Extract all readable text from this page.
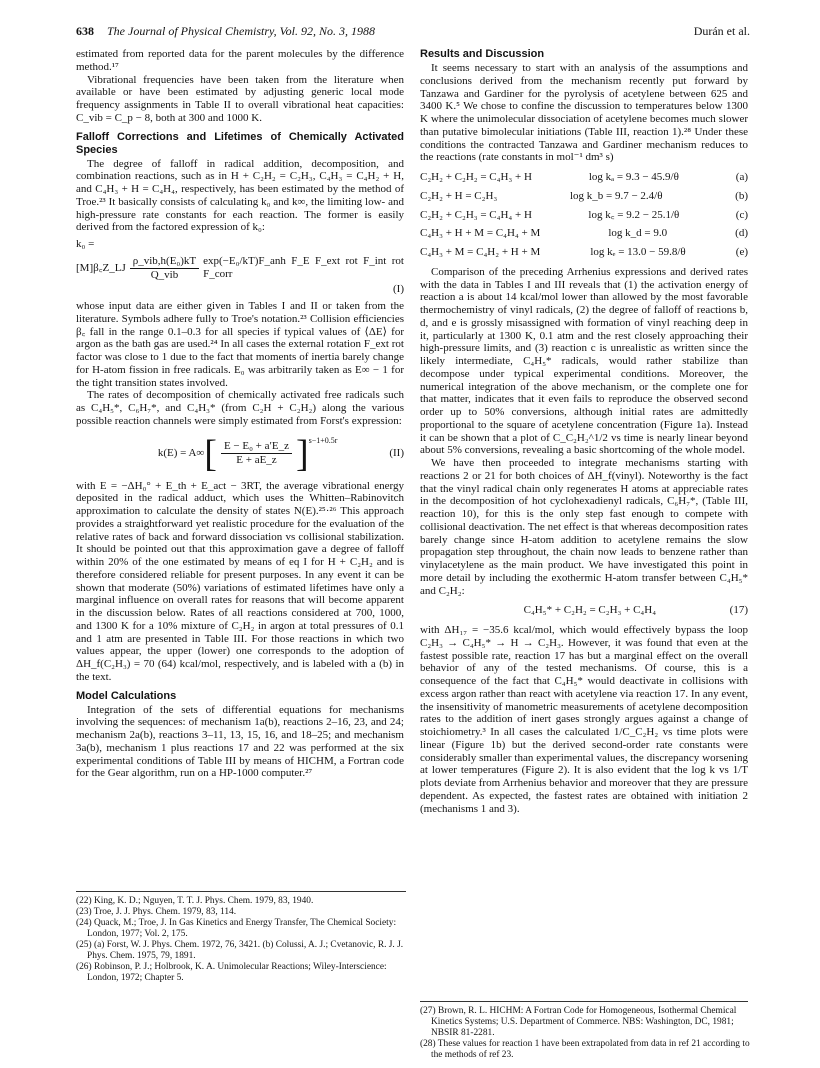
638 The Journal of Physical Chemistry, Vol. 92, No. 3, 1988	Durán et al.

estimated from reported data for the parent molecules by the difference method.¹⁷

Vibrational frequencies have been taken from the literature when available or have been estimated by adjusting generic local mode frequency assignments in Table II to overall vibrational heat capacities: C_vib = C_p − 8, both at 300 and 1000 K.

Falloff Corrections and Lifetimes of Chemically Activated Species

The degree of falloff in radical addition, decomposition, and combination reactions, such as in H + C₂H₂ = C₂H₃, C₄H₃ = C₄H₂ + H, and C₄H₃ + H = C₄H₄, respectively, has been estimated by the method of Troe.²³ It basically consists of calculating k₀ and k∞, the limiting low- and high-pressure rate constants for each reaction. The former is easily derived from the factored expression of k₀:

k₀ =
[M]β꜀Z_LJ $\frac{\text{ρ\_vib,h(E₀)kT}}{\text{Q\_vib}}$ exp(−E₀/kT)F_anh F_E F_ext rot F_int rot F_corr
(I)

whose input data are either given in Tables I and II or taken from the literature. Symbols adhere fully to Troe's notation.²³ Collision efficiencies β꜀ fall in the range 0.1–0.3 for all species if typical values of ⟨ΔE⟩ for argon as the bath gas are used.²⁴ In all cases the external rotation F_ext rot factor was close to 1 due to the fact that moments of inertia barely change for H-atom fission in free radicals. E₀ was arbitrarily taken as E∞ − 1 for the tight transition states involved.

The rates of decomposition of chemically activated free radicals such as C₄H₅*, C₆H₇*, and C₄H₃* (from C₂H + C₂H₂) along the various possible reaction channels were simply estimated from Forst's expression:

k(E) = A∞ [ $\frac{\text{E − E₀ + a′E\_z}}{E + aE\_z} ]^{s-1+0.5r}$
(II)

with E = −ΔH₀° + E_th + E_act − 3RT, the average vibrational energy deposited in the radical adduct, which uses the Whitten–Rabinovitch approximation to calculate the density of states N(E).²⁵·²⁶ This approach provides a straightforward yet realistic procedure for the evaluation of the relative rates of back and forward dissociation vs collisional stabilization. It should be pointed out that this approximation gave a degree of falloff within 20% of the one estimated by means of eq I for H + C₂H₂ and is therefore considered reliable for present purposes. In any event it can be shown that moderate (50%) variations of estimated lifetimes have only a marginal influence on overall rates for reasons that will become apparent in the discussion below. Rates of all reactions considered at 700, 1000, and 1300 K for a 10% mixture of C₂H₂ in argon at total pressures of 0.1 and 1 atm are presented in Table III. For those reactions in which two values appear, the upper (lower) one corresponds to the adoption of ΔH_f(C₂H₃) = 70 (64) kcal/mol, respectively, and is labeled with a (b) in the text.

Model Calculations

Integration of the sets of differential equations for mechanisms involving the sequences: of mechanism 1a(b), reactions 2–16, 23, and 24; mechanism 2a(b), reactions 3–11, 13, 15, 16, and 18–25; and mechanism 3a(b), mechanism 1 plus reactions 17 and 22 was performed at the six experimental conditions of Table III by means of HICHM, a Fortran code for the Gear algorithm, run on a HP-1000 computer.²⁷

(22) King, K. D.; Nguyen, T. T. J. Phys. Chem. 1979, 83, 1940.

(23) Troe, J. J. Phys. Chem. 1979, 83, 114.

(24) Quack, M.; Troe, J. In Gas Kinetics and Energy Transfer, The Chemical Society: London, 1977; Vol. 2, 175.

(25) (a) Forst, W. J. Phys. Chem. 1972, 76, 3421. (b) Colussi, A. J.; Cvetanovic, R. J. J. Phys. Chem. 1975, 79, 1891.

(26) Robinson, P. J.; Holbrook, K. A. Unimolecular Reactions; Wiley-Interscience: London, 1972; Chapter 5.

Results and Discussion

It seems necessary to start with an analysis of the assumptions and conclusions derived from the mechanism recently put forward by Tanzawa and Gardiner for the pyrolysis of acetylene between 625 and 3400 K.⁵ We chose to confine the discussion to temperatures below 1300 K where the unimolecular dissociation of acetylene becomes much slower than putative bimolecular initiations (Table III, reaction 1).²⁸ Under these conditions the contracted Tanzawa and Gardiner mechanism reduces to the reactions (rate constants in mol⁻¹ dm³ s)

C₂H₂ + C₂H₂ = C₄H₃ + H	log kₐ = 9.3 − 45.9/θ	(a)
C₂H₂ + H = C₂H₃	log k_b = 9.7 − 2.4/θ	(b)
C₂H₂ + C₂H₃ = C₄H₄ + H	log k꜀ = 9.2 − 25.1/θ	(c)
C₄H₃ + H + M = C₄H₄ + M	log k_d = 9.0	(d)
C₄H₃ + M = C₄H₂ + H + M	log kₑ = 13.0 − 59.8/θ	(e)

Comparison of the preceding Arrhenius expressions and derived rates with the data in Tables I and III reveals that (1) the activation energy of reaction a is about 14 kcal/mol lower than allowed by the most favorable thermochemistry of vinyl radicals, (2) the degree of falloff of reactions b, d, and e is grossly misassigned with formation of vinyl reaching deep in it, particularly at 1300 K, 0.1 atm and the rest closely approaching their high-pressure limits, and (3) reaction c is unrealistic as written since the likely intermediate, C₄H₅* radicals, would rather stabilize than decompose under typical experimental conditions. Moreover, the numerical integration of the above mechanism, or the complete one for that matter, indicates that it even fails to reproduce the observed second order up to 50% conversions, although initial rates are admittedly proportional to the square of acetylene concentration (Figure 1a). Instead it can be shown that a plot of C_C₂H₂^1/2 vs time is nearly linear beyond about 5% conversions, revealing a basic shortcoming of the whole model.

We have then proceeded to integrate mechanisms starting with reactions 2 or 21 for both choices of ΔH_f(vinyl). Noteworthy is the fact that the vinyl radical chain only regenerates H atoms at appreciable rates in the decomposition of hot cyclohexadienyl radicals, C₆H₇*, (Table III, reaction 10), for this is the only step fast enough to compete with collisional deactivation. The net effect is that whereas decomposition rates barely change since H-atom addition to acetylene remains the slow propagation step throughout, the chain now leads to benzene rather than vinylacetylene as the main product. We have investigated this point in more detail by including the exothermic H-atom transfer between C₄H₅* and C₂H₂:

C₄H₅* + C₂H₂ = C₂H₃ + C₄H₄	(17)

with ΔH₁₇ = −35.6 kcal/mol, which would effectively bypass the loop C₂H₃ → C₄H₅* → H → C₂H₃. However, it was found that even at the fastest possible rate, reaction 17 has but a marginal effect on the overall behavior of any of the tested mechanisms. Of course, this is a consequence of the fact that C₄H₅* would deactivate in collisions with excess argon rather than react with acetylene via reaction 17. In any event, the insensitivity of manometric measurements of acetylene decomposition rates to the addition of inert gases strongly argues against a change of stoichiometry.³ In all cases the calculated 1/C_C₂H₂ vs time plots were linear (Figure 1b) but the derived second-order rate constants were considerably smaller than experimental values, the discrepancy worsening at lower temperatures (Figure 2). It is also evident that the log k vs 1/T plots deviate from Arrhenius behavior and moreover that they are pressure dependent. As expected, the fastest rates are obtained with initiation 2 (mechanisms 1 and 3).

(27) Brown, R. L. HICHM: A Fortran Code for Homogeneous, Isothermal Chemical Kinetics Systems; U.S. Department of Commerce. NBS: Washington, DC, 1981; NBSIR 81-2281.

(28) These values for reaction 1 have been extrapolated from data in ref 21 according to the methods of ref 23.
